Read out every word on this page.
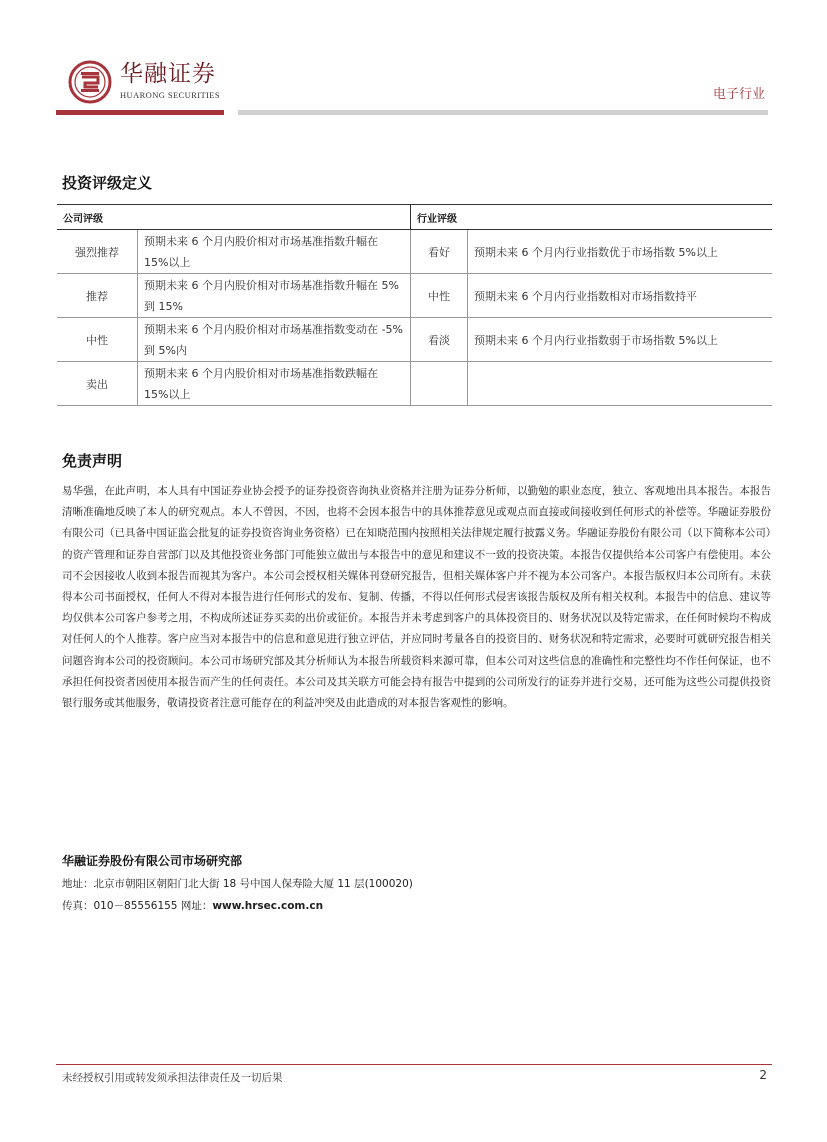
华融证券
HUARONG SECURITIES	电子行业
投资评级定义
公司评级		行业评级	
强烈推荐	预期未来 6 个月内股价相对市场基准指数升幅在 15%以上	看好	预期未来 6 个月内行业指数优于市场指数 5%以上
推荐	预期未来 6 个月内股价相对市场基准指数升幅在 5%到 15%	中性	预期未来 6 个月内行业指数相对市场指数持平
中性	预期未来 6 个月内股价相对市场基准指数变动在 -5%到 5%内	看淡	预期未来 6 个月内行业指数弱于市场指数 5%以上
卖出	预期未来 6 个月内股价相对市场基准指数跌幅在 15%以上		
免责声明
易华强，在此声明，本人具有中国证券业协会授予的证券投资咨询执业资格并注册为证券分析师，以勤勉的职业态度，独立、客观地出具本报告。本报告清晰准确地反映了本人的研究观点。本人不曾因，不因，也将不会因本报告中的具体推荐意见或观点而直接或间接收到任何形式的补偿等。华融证券股份有限公司（已具备中国证监会批复的证券投资咨询业务资格）已在知晓范围内按照相关法律规定履行披露义务。华融证券股份有限公司（以下简称本公司）的资产管理和证券自营部门以及其他投资业务部门可能独立做出与本报告中的意见和建议不一致的投资决策。本报告仅提供给本公司客户有偿使用。本公司不会因接收人收到本报告而视其为客户。本公司会授权相关媒体刊登研究报告，但相关媒体客户并不视为本公司客户。本报告版权归本公司所有。未获得本公司书面授权，任何人不得对本报告进行任何形式的发布、复制、传播，不得以任何形式侵害该报告版权及所有相关权利。本报告中的信息、建议等均仅供本公司客户参考之用，不构成所述证券买卖的出价或征价。本报告并未考虑到客户的具体投资目的、财务状况以及特定需求，在任何时候均不构成对任何人的个人推荐。客户应当对本报告中的信息和意见进行独立评估，并应同时考量各自的投资目的、财务状况和特定需求，必要时可就研究报告相关问题咨询本公司的投资顾问。本公司市场研究部及其分析师认为本报告所载资料来源可靠，但本公司对这些信息的准确性和完整性均不作任何保证，也不承担任何投资者因使用本报告而产生的任何责任。本公司及其关联方可能会持有报告中提到的公司所发行的证券并进行交易，还可能为这些公司提供投资银行服务或其他服务，敬请投资者注意可能存在的利益冲突及由此造成的对本报告客观性的影响。
华融证券股份有限公司市场研究部
地址：北京市朝阳区朝阳门北大街 18 号中国人保寿险大厦 11 层(100020)
传真：010－85556155 网址：www.hrsec.com.cn
未经授权引用或转发须承担法律责任及一切后果	2
